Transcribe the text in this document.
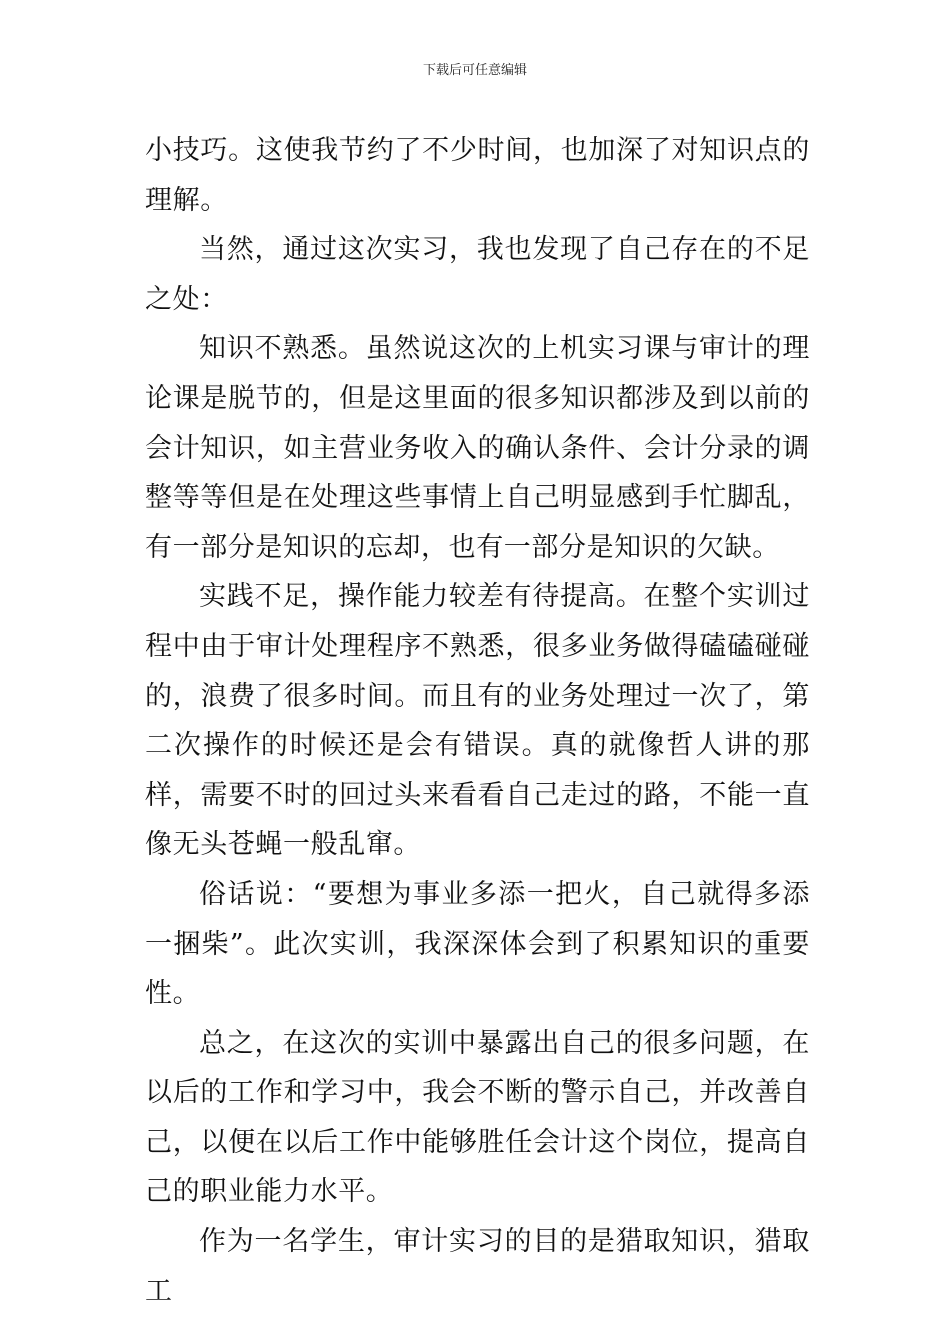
下载后可任意编辑

小技巧。这使我节约了不少时间，也加深了对知识点的理解。

当然，通过这次实习，我也发现了自己存在的不足之处：

知识不熟悉。虽然说这次的上机实习课与审计的理论课是脱节的，但是这里面的很多知识都涉及到以前的会计知识，如主营业务收入的确认条件、会计分录的调整等等但是在处理这些事情上自己明显感到手忙脚乱，有一部分是知识的忘却，也有一部分是知识的欠缺。

实践不足，操作能力较差有待提高。在整个实训过程中由于审计处理程序不熟悉，很多业务做得磕磕碰碰的，浪费了很多时间。而且有的业务处理过一次了，第二次操作的时候还是会有错误。真的就像哲人讲的那样，需要不时的回过头来看看自己走过的路，不能一直像无头苍蝇一般乱窜。

俗话说：“要想为事业多添一把火，自己就得多添一捆柴”。此次实训，我深深体会到了积累知识的重要性。

总之，在这次的实训中暴露出自己的很多问题，在以后的工作和学习中，我会不断的警示自己，并改善自己，以便在以后工作中能够胜任会计这个岗位，提高自己的职业能力水平。

作为一名学生，审计实习的目的是猎取知识，猎取工
